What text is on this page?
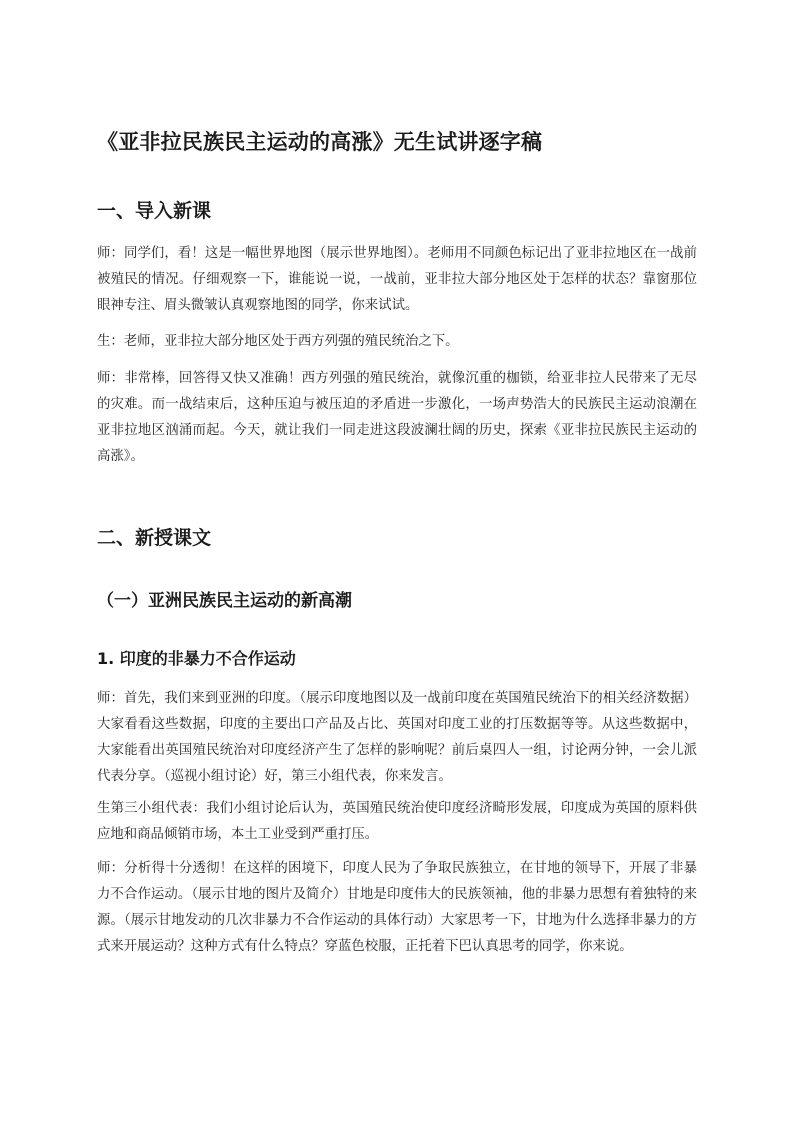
《亚非拉民族民主运动的高涨》无生试讲逐字稿
一、导入新课
师：同学们，看！这是一幅世界地图（展示世界地图）。老师用不同颜色标记出了亚非拉地区在一战前被殖民的情况。仔细观察一下，谁能说一说，一战前，亚非拉大部分地区处于怎样的状态？靠窗那位眼神专注、眉头微皱认真观察地图的同学，你来试试。
生：老师，亚非拉大部分地区处于西方列强的殖民统治之下。
师：非常棒，回答得又快又准确！西方列强的殖民统治，就像沉重的枷锁，给亚非拉人民带来了无尽的灾难。而一战结束后，这种压迫与被压迫的矛盾进一步激化，一场声势浩大的民族民主运动浪潮在亚非拉地区汹涌而起。今天，就让我们一同走进这段波澜壮阔的历史，探索《亚非拉民族民主运动的高涨》。
二、新授课文
（一）亚洲民族民主运动的新高潮
1. 印度的非暴力不合作运动
师：首先，我们来到亚洲的印度。（展示印度地图以及一战前印度在英国殖民统治下的相关经济数据）大家看看这些数据，印度的主要出口产品及占比、英国对印度工业的打压数据等等。从这些数据中，大家能看出英国殖民统治对印度经济产生了怎样的影响呢？前后桌四人一组，讨论两分钟，一会儿派代表分享。（巡视小组讨论）好，第三小组代表，你来发言。
生第三小组代表：我们小组讨论后认为，英国殖民统治使印度经济畸形发展，印度成为英国的原料供应地和商品倾销市场，本土工业受到严重打压。
师：分析得十分透彻！在这样的困境下，印度人民为了争取民族独立，在甘地的领导下，开展了非暴力不合作运动。（展示甘地的图片及简介）甘地是印度伟大的民族领袖，他的非暴力思想有着独特的来源。（展示甘地发动的几次非暴力不合作运动的具体行动）大家思考一下，甘地为什么选择非暴力的方式来开展运动？这种方式有什么特点？穿蓝色校服，正托着下巴认真思考的同学，你来说。
